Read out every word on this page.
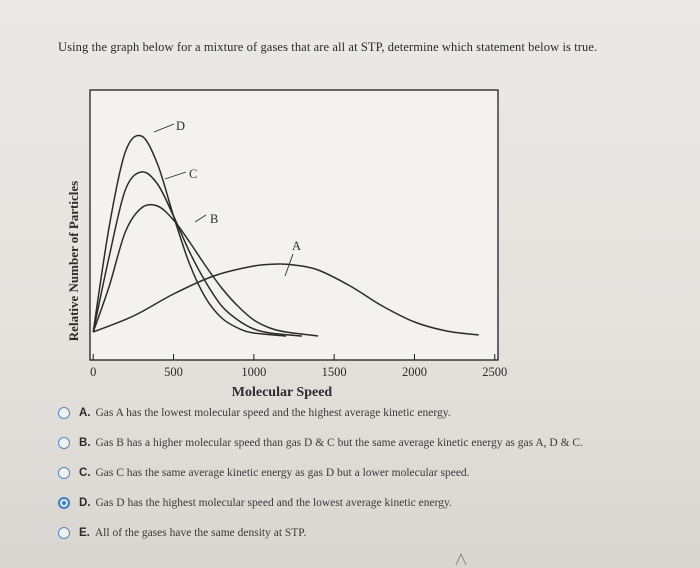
Using the graph below for a mixture of gases that are all at STP, determine which statement below is true.
Relative Number of Particles
0	500	1000	1500	2000	2500
D
C
B
A
Molecular Speed
A. Gas A has the lowest molecular speed and the highest average kinetic energy.
B. Gas B has a higher molecular speed than gas D & C but the same average kinetic energy as gas A, D & C.
C. Gas C has the same average kinetic energy as gas D but a lower molecular speed.
D. Gas D has the highest molecular speed and the lowest average kinetic energy.
E. All of the gases have the same density at STP.
